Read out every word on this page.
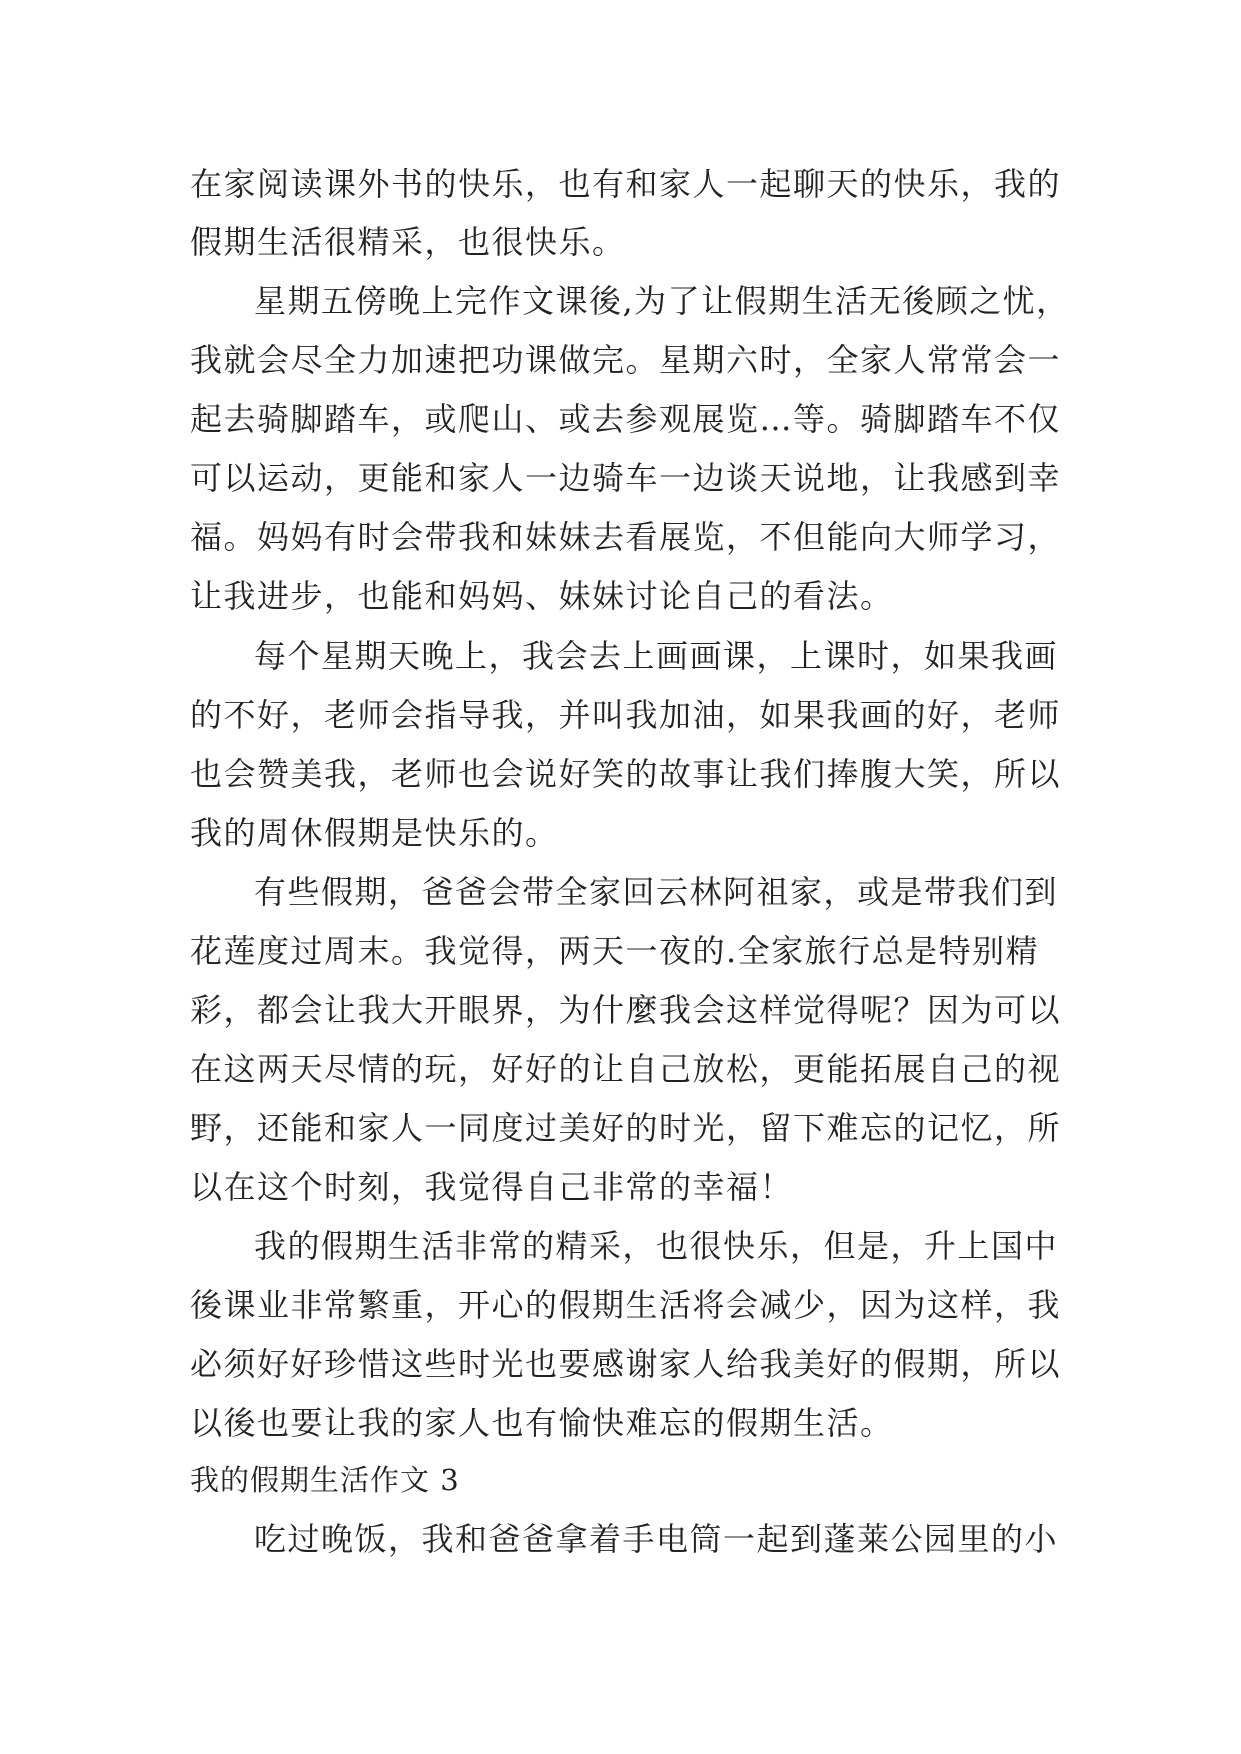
在家阅读课外书的快乐，也有和家人一起聊天的快乐，我的
假期生活很精采，也很快乐。
星期五傍晚上完作文课後,为了让假期生活无後顾之忧，
我就会尽全力加速把功课做完。星期六时，全家人常常会一
起去骑脚踏车，或爬山、或去参观展览…等。骑脚踏车不仅
可以运动，更能和家人一边骑车一边谈天说地，让我感到幸
福。妈妈有时会带我和妹妹去看展览，不但能向大师学习，
让我进步，也能和妈妈、妹妹讨论自己的看法。
每个星期天晚上，我会去上画画课，上课时，如果我画
的不好，老师会指导我，并叫我加油，如果我画的好，老师
也会赞美我，老师也会说好笑的故事让我们捧腹大笑，所以
我的周休假期是快乐的。
有些假期，爸爸会带全家回云林阿祖家，或是带我们到
花莲度过周末。我觉得，两天一夜的.全家旅行总是特别精
彩，都会让我大开眼界，为什麼我会这样觉得呢？因为可以
在这两天尽情的玩，好好的让自己放松，更能拓展自己的视
野，还能和家人一同度过美好的时光，留下难忘的记忆，所
以在这个时刻，我觉得自己非常的幸福！
我的假期生活非常的精采，也很快乐，但是，升上国中
後课业非常繁重，开心的假期生活将会减少，因为这样，我
必须好好珍惜这些时光也要感谢家人给我美好的假期，所以
以後也要让我的家人也有愉快难忘的假期生活。
我的假期生活作文 3
吃过晚饭，我和爸爸拿着手电筒一起到蓬莱公园里的小
